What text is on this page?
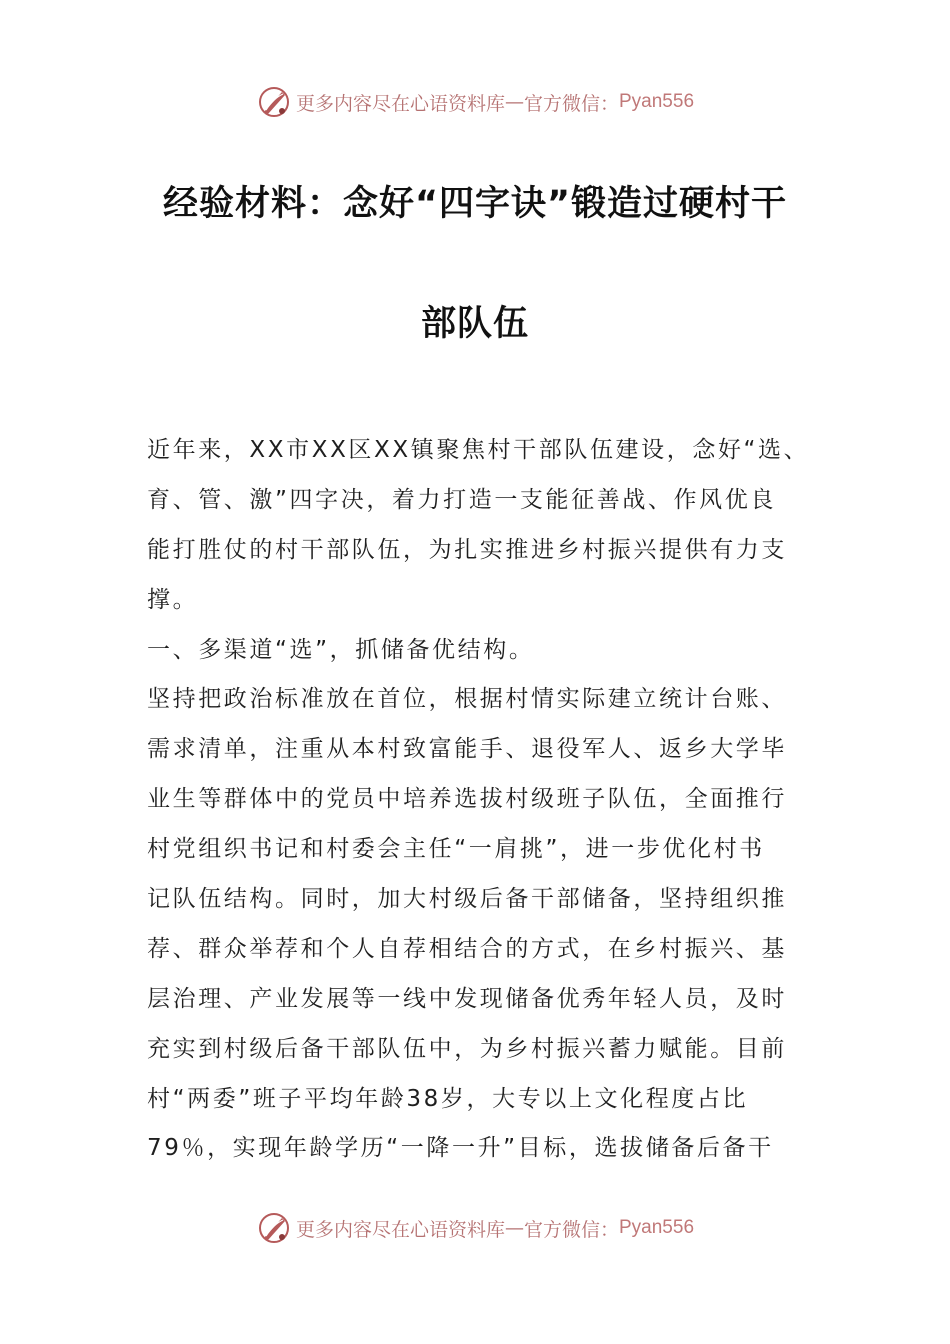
更多内容尽在心语资料库 — 官方微信： Pyan556
经验材料：念好“四字诀”锻造过硬村干
部队伍
近年来，XX市XX区XX镇聚焦村干部队伍建设，念好“选、
育、管、激”四字决，着力打造一支能征善战、作风优良
能打胜仗的村干部队伍，为扎实推进乡村振兴提供有力支
撑。
一、多渠道“选”，抓储备优结构。
坚持把政治标准放在首位，根据村情实际建立统计台账、
需求清单，注重从本村致富能手、退役军人、返乡大学毕
业生等群体中的党员中培养选拔村级班子队伍，全面推行
村党组织书记和村委会主任“一肩挑”，进一步优化村书
记队伍结构。同时，加大村级后备干部储备，坚持组织推
荐、群众举荐和个人自荐相结合的方式，在乡村振兴、基
层治理、产业发展等一线中发现储备优秀年轻人员，及时
充实到村级后备干部队伍中，为乡村振兴蓄力赋能。目前
村“两委”班子平均年龄38岁，大专以上文化程度占比
79％，实现年龄学历“一降一升”目标，选拔储备后备干
更多内容尽在心语资料库 — 官方微信： Pyan556
